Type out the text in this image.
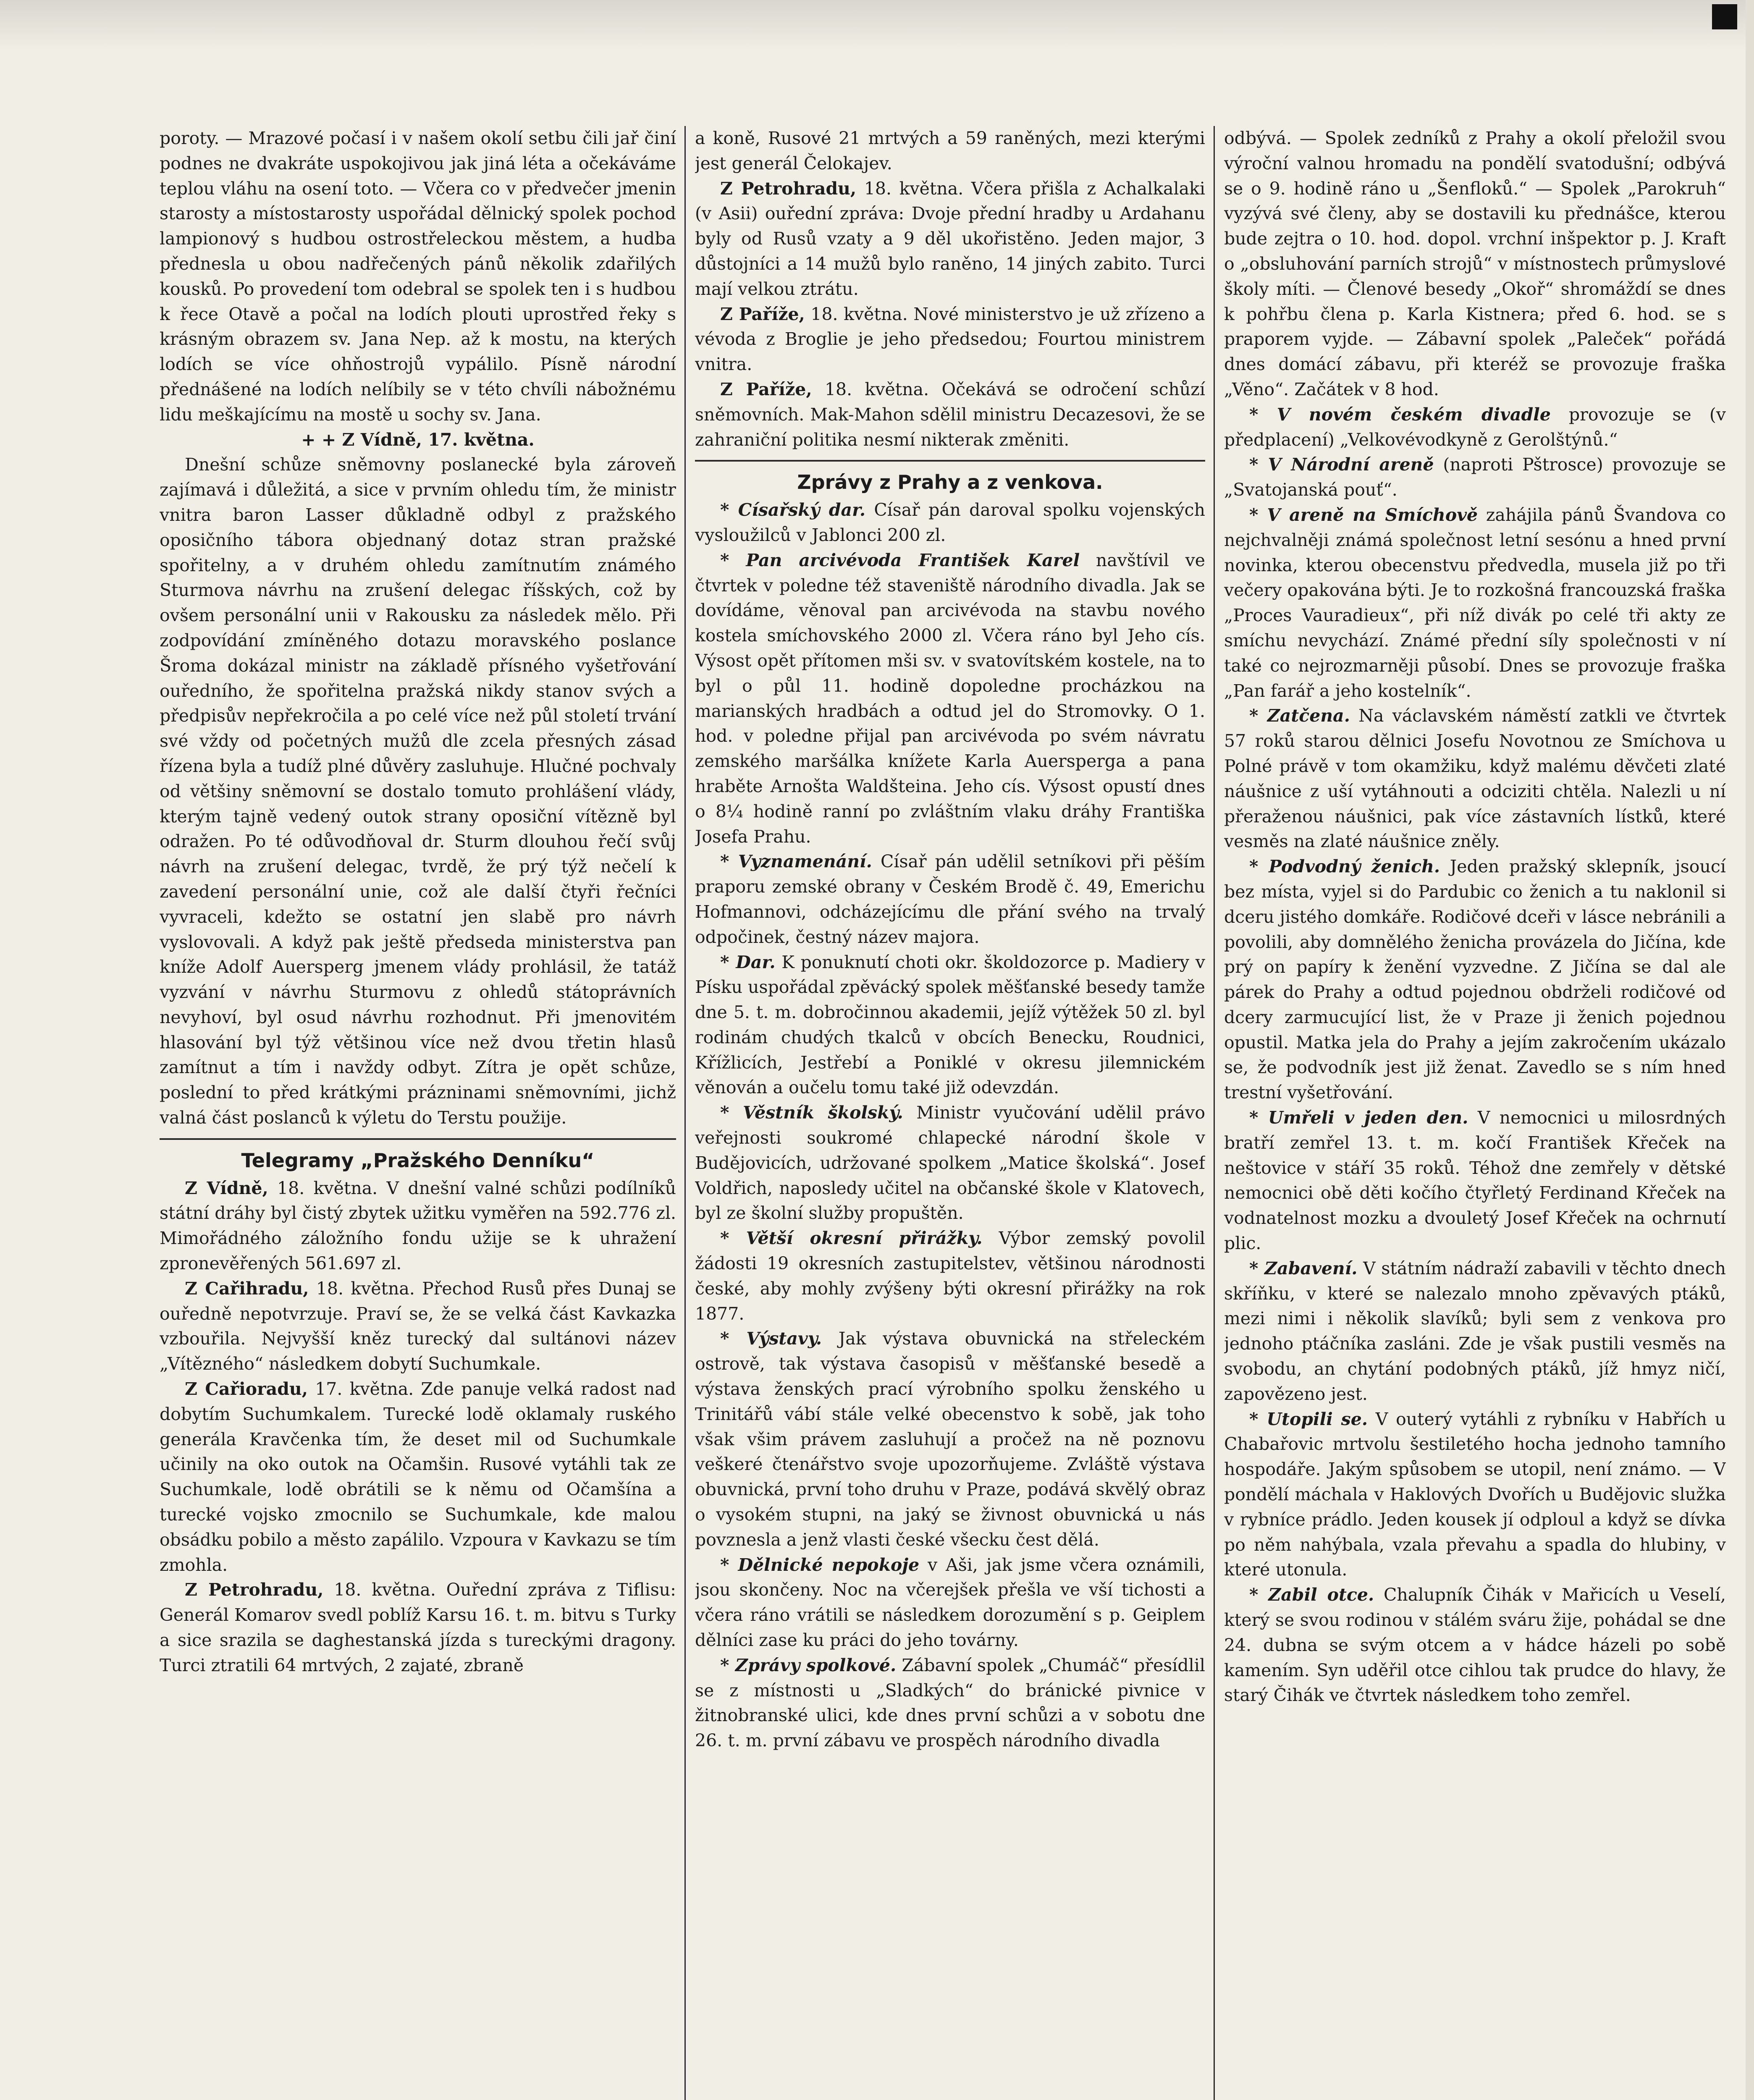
poroty. — Mrazové počasí i v našem okolí setbu čili jař činí podnes ne dvakráte uspokojivou jak jiná léta a očekáváme teplou vláhu na osení toto. — Včera co v předvečer jmenin starosty a místostarosty uspořádal dělnický spolek pochod lampionový s hudbou ostrostřeleckou městem, a hudba přednesla u obou nadřečených pánů několik zdařilých kousků. Po provedení tom odebral se spolek ten i s hudbou k řece Otavě a počal na lodích plouti uprostřed řeky s krásným obrazem sv. Jana Nep. až k mostu, na kterých lodích se více ohňostrojů vypálilo. Písně národní přednášené na lodích nelíbily se v této chvíli nábožnému lidu meškajícímu na mostě u sochy sv. Jana.

+ + Z Vídně, 17. května.

Dnešní schůze sněmovny poslanecké byla zároveň zajímavá i důležitá, a sice v prvním ohledu tím, že ministr vnitra baron Lasser důkladně odbyl z pražského oposičního tábora objednaný dotaz stran pražské spořitelny, a v druhém ohledu zamítnutím známého Sturmova návrhu na zrušení delegac říšských, což by ovšem personální unii v Rakousku za následek mělo. Při zodpovídání zmíněného dotazu moravského poslance Šroma dokázal ministr na základě přísného vyšetřování ouředního, že spořitelna pražská nikdy stanov svých a předpisův nepřekročila a po celé více než půl století trvání své vždy od početných mužů dle zcela přesných zásad řízena byla a tudíž plné důvěry zasluhuje. Hlučné pochvaly od většiny sněmovní se dostalo tomuto prohlášení vlády, kterým tajně vedený outok strany oposiční vítězně byl odražen. Po té odůvodňoval dr. Sturm dlouhou řečí svůj návrh na zrušení delegac, tvrdě, že prý týž nečelí k zavedení personální unie, což ale další čtyři řečníci vyvraceli, kdežto se ostatní jen slabě pro návrh vyslovovali. A když pak ještě předseda ministerstva pan kníže Adolf Auersperg jmenem vlády prohlásil, že tatáž vyzvání v návrhu Sturmovu z ohledů státoprávních nevyhoví, byl osud návrhu rozhodnut. Při jmenovitém hlasování byl týž většinou více než dvou třetin hlasů zamítnut a tím i navždy odbyt. Zítra je opět schůze, poslední to před krátkými prázninami sněmovními, jichž valná část poslanců k výletu do Terstu použije.

Telegramy „Pražského Denníku“

Z Vídně, 18. května. V dnešní valné schůzi podílníků státní dráhy byl čistý zbytek užitku vyměřen na 592.776 zl. Mimořádného záložního fondu užije se k uhražení zpronevěřených 561.697 zl.

Z Cařihradu, 18. května. Přechod Rusů přes Dunaj se ouředně nepotvrzuje. Praví se, že se velká část Kavkazka vzbouřila. Nejvyšší kněz turecký dal sultánovi název „Vítězného“ následkem dobytí Suchumkale.

Z Cařioradu, 17. května. Zde panuje velká radost nad dobytím Suchumkalem. Turecké lodě oklamaly ruského generála Kravčenka tím, že deset mil od Suchumkale učinily na oko outok na Očamšin. Rusové vytáhli tak ze Suchumkale, lodě obrátili se k němu od Očamšína a turecké vojsko zmocnilo se Suchumkale, kde malou obsádku pobilo a město zapálilo. Vzpoura v Kavkazu se tím zmohla.

Z Petrohradu, 18. května. Ouřední zpráva z Tiflisu: Generál Komarov svedl poblíž Karsu 16. t. m. bitvu s Turky a sice srazila se daghestanská jízda s tureckými dragony. Turci ztratili 64 mrtvých, 2 zajaté, zbraně

a koně, Rusové 21 mrtvých a 59 raněných, mezi kterými jest generál Čelokajev.

Z Petrohradu, 18. května. Včera přišla z Achalkalaki (v Asii) ouřední zpráva: Dvoje přední hradby u Ardahanu byly od Rusů vzaty a 9 děl ukořistěno. Jeden major, 3 důstojníci a 14 mužů bylo raněno, 14 jiných zabito. Turci mají velkou ztrátu.

Z Paříže, 18. května. Nové ministerstvo je už zřízeno a vévoda z Broglie je jeho předsedou; Fourtou ministrem vnitra.

Z Paříže, 18. května. Očekává se odročení schůzí sněmovních. Mak-Mahon sdělil ministru Decazesovi, že se zahraniční politika nesmí nikterak změniti.

Zprávy z Prahy a z venkova.

* Císařský dar. Císař pán daroval spolku vojenských vysloužilců v Jablonci 200 zl.

* Pan arcivévoda František Karel navštívil ve čtvrtek v poledne též staveniště národního divadla. Jak se dovídáme, věnoval pan arcivévoda na stavbu nového kostela smíchovského 2000 zl. Včera ráno byl Jeho cís. Výsost opět přítomen mši sv. v svatovítském kostele, na to byl o půl 11. hodině dopoledne procházkou na marianských hradbách a odtud jel do Stromovky. O 1. hod. v poledne přijal pan arcivévoda po svém návratu zemského maršálka knížete Karla Auersperga a pana hraběte Arnošta Waldšteina. Jeho cís. Výsost opustí dnes o 8¼ hodině ranní po zvláštním vlaku dráhy Františka Josefa Prahu.

* Vyznamenání. Císař pán udělil setníkovi při pěším praporu zemské obrany v Českém Brodě č. 49, Emerichu Hofmannovi, odcházejícímu dle přání svého na trvalý odpočinek, čestný název majora.

* Dar. K ponuknutí choti okr. školdozorce p. Madiery v Písku uspořádal zpěvácký spolek měšťanské besedy tamže dne 5. t. m. dobročinnou akademii, jejíž výtěžek 50 zl. byl rodinám chudých tkalců v obcích Benecku, Roudnici, Křížlicích, Jestřebí a Poniklé v okresu jilemnickém věnován a oučelu tomu také již odevzdán.

* Věstník školský. Ministr vyučování udělil právo veřejnosti soukromé chlapecké národní škole v Budějovicích, udržované spolkem „Matice školská“. Josef Voldřich, naposledy učitel na občanské škole v Klatovech, byl ze školní služby propuštěn.

* Větší okresní přirážky. Výbor zemský povolil žádosti 19 okresních zastupitelstev, většinou národnosti české, aby mohly zvýšeny býti okresní přirážky na rok 1877.

* Výstavy. Jak výstava obuvnická na střeleckém ostrově, tak výstava časopisů v měšťanské besedě a výstava ženských prací výrobního spolku ženského u Trinitářů vábí stále velké obecenstvo k sobě, jak toho však všim právem zasluhují a pročež na ně poznovu veškeré čtenářstvo svoje upozorňujeme. Zvláště výstava obuvnická, první toho druhu v Praze, podává skvělý obraz o vysokém stupni, na jaký se živnost obuvnická u nás povznesla a jenž vlasti české všecku čest dělá.

* Dělnické nepokoje v Aši, jak jsme včera oznámili, jsou skončeny. Noc na včerejšek přešla ve vší tichosti a včera ráno vrátili se následkem dorozumění s p. Geiplem dělníci zase ku práci do jeho továrny.

* Zprávy spolkové. Zábavní spolek „Chumáč“ přesídlil se z místnosti u „Sladkých“ do bránické pivnice v žitnobranské ulici, kde dnes první schůzi a v sobotu dne 26. t. m. první zábavu ve prospěch národního divadla

odbývá. — Spolek zedníků z Prahy a okolí přeložil svou výroční valnou hromadu na pondělí svatodušní; odbývá se o 9. hodině ráno u „Šenfloků.“ — Spolek „Parokruh“ vyzývá své členy, aby se dostavili ku přednášce, kterou bude zejtra o 10. hod. dopol. vrchní inšpektor p. J. Kraft o „obsluhování parních strojů“ v místnostech průmyslové školy míti. — Členové besedy „Okoř“ shromáždí se dnes k pohřbu člena p. Karla Kistnera; před 6. hod. se s praporem vyjde. — Zábavní spolek „Paleček“ pořádá dnes domácí zábavu, při kteréž se provozuje fraška „Věno“. Začátek v 8 hod.

* V novém českém divadle provozuje se (v předplacení) „Velkovévodkyně z Gerolštýnů.“

* V Národní areně (naproti Pštrosce) provozuje se „Svatojanská pouť“.

* V areně na Smíchově zahájila pánů Švandova co nejchvalněji známá společnost letní sesónu a hned první novinka, kterou obecenstvu předvedla, musela již po tři večery opakována býti. Je to rozkošná francouzská fraška „Proces Vauradieux“, při níž divák po celé tři akty ze smíchu nevychází. Známé přední síly společnosti v ní také co nejrozmarněji působí. Dnes se provozuje fraška „Pan farář a jeho kostelník“.

* Zatčena. Na václavském náměstí zatkli ve čtvrtek 57 roků starou dělnici Josefu Novotnou ze Smíchova u Polné právě v tom okamžiku, když malému děvčeti zlaté náušnice z uší vytáhnouti a odciziti chtěla. Nalezli u ní přeraženou náušnici, pak více zástavních lístků, které vesměs na zlaté náušnice zněly.

* Podvodný ženich. Jeden pražský sklepník, jsoucí bez místa, vyjel si do Pardubic co ženich a tu naklonil si dceru jistého domkáře. Rodičové dceři v lásce nebránili a povolili, aby domnělého ženicha provázela do Jičína, kde prý on papíry k ženění vyzvedne. Z Jičína se dal ale párek do Prahy a odtud pojednou obdrželi rodičové od dcery zarmucující list, že v Praze ji ženich pojednou opustil. Matka jela do Prahy a jejím zakročením ukázalo se, že podvodník jest již ženat. Zavedlo se s ním hned trestní vyšetřování.

* Umřeli v jeden den. V nemocnici u milosrdných bratří zemřel 13. t. m. kočí František Křeček na neštovice v stáří 35 roků. Téhož dne zemřely v dětské nemocnici obě děti kočího čtyřletý Ferdinand Křeček na vodnatelnost mozku a dvouletý Josef Křeček na ochrnutí plic.

* Zabavení. V státním nádraží zabavili v těchto dnech skříňku, v které se nalezalo mnoho zpěvavých ptáků, mezi nimi i několik slavíků; byli sem z venkova pro jednoho ptáčníka zasláni. Zde je však pustili vesměs na svobodu, an chytání podobných ptáků, jíž hmyz ničí, zapovězeno jest.

* Utopili se. V outerý vytáhli z rybníku v Habřích u Chabařovic mrtvolu šestiletého hocha jednoho tamního hospodáře. Jakým spůsobem se utopil, není známo. — V pondělí máchala v Haklových Dvořích u Budějovic služka v rybníce prádlo. Jeden kousek jí odploul a když se dívka po něm nahýbala, vzala převahu a spadla do hlubiny, v které utonula.

* Zabil otce. Chalupník Čihák v Mařicích u Veselí, který se svou rodinou v stálém sváru žije, pohádal se dne 24. dubna se svým otcem a v hádce házeli po sobě kamením. Syn uděřil otce cihlou tak prudce do hlavy, že starý Čihák ve čtvrtek následkem toho zemřel.
